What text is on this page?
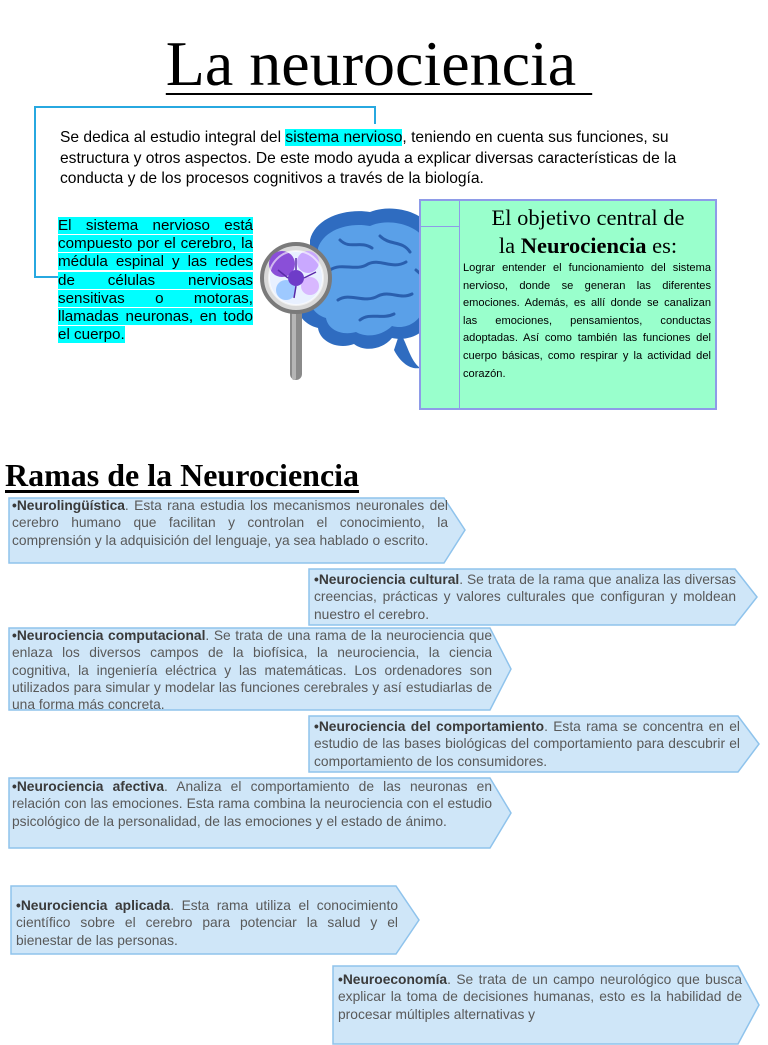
La neurociencia
Se dedica al estudio integral del sistema nervioso, teniendo en cuenta sus funciones, su estructura y otros aspectos. De este modo ayuda a explicar diversas características de la conducta y de los procesos cognitivos a través de la biología.
El sistema nervioso está compuesto por el cerebro, la médula espinal y las redes de células nerviosas sensitivas o motoras, llamadas neuronas, en todo el cuerpo.
El objetivo central de
la Neurociencia es:
Lograr entender el funcionamiento del sistema nervioso, donde se generan las diferentes emociones. Además, es allí donde se canalizan las emociones, pensamientos, conductas adoptadas. Así como también las funciones del cuerpo básicas, como respirar y la actividad del corazón.
Ramas de la Neurociencia
•Neurolingüística. Esta rana estudia los mecanismos neuronales del cerebro humano que facilitan y controlan el conocimiento, la comprensión y la adquisición del lenguaje, ya sea hablado o escrito.
•Neurociencia cultural. Se trata de la rama que analiza las diversas creencias, prácticas y valores culturales que configuran y moldean nuestro el cerebro.
•Neurociencia computacional. Se trata de una rama de la neurociencia que enlaza los diversos campos de la biofísica, la neurociencia, la ciencia cognitiva, la ingeniería eléctrica y las matemáticas. Los ordenadores son utilizados para simular y modelar las funciones cerebrales y así estudiarlas de una forma más concreta.
•Neurociencia del comportamiento. Esta rama se concentra en el estudio de las bases biológicas del comportamiento para descubrir el comportamiento de los consumidores.
•Neurociencia afectiva. Analiza el comportamiento de las neuronas en relación con las emociones. Esta rama combina la neurociencia con el estudio psicológico de la personalidad, de las emociones y el estado de ánimo.
•Neurociencia aplicada. Esta rama utiliza el conocimiento científico sobre el cerebro para potenciar la salud y el bienestar de las personas.
•Neuroeconomía. Se trata de un campo neurológico que busca explicar la toma de decisiones humanas, esto es la habilidad de procesar múltiples alternativas y
